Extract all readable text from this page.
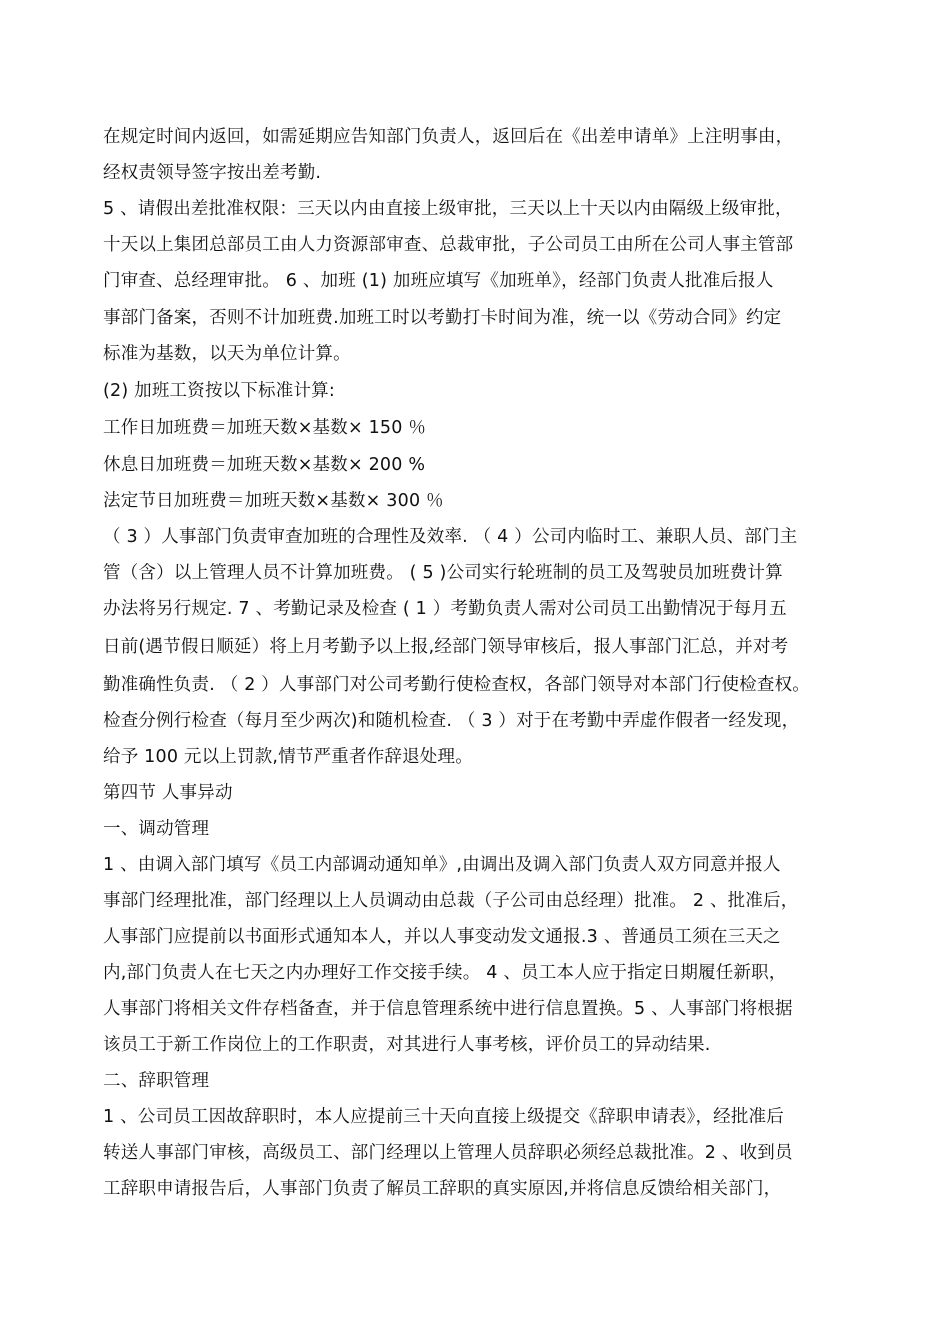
在规定时间内返回，如需延期应告知部门负责人，返回后在《出差申请单》上注明事由，
经权责领导签字按出差考勤.
5 、请假出差批准权限：三天以内由直接上级审批，三天以上十天以内由隔级上级审批，
十天以上集团总部员工由人力资源部审查、总裁审批，子公司员工由所在公司人事主管部
门审查、总经理审批。 6 、加班 (1) 加班应填写《加班单》，经部门负责人批准后报人
事部门备案，否则不计加班费.加班工时以考勤打卡时间为准，统一以《劳动合同》约定
标准为基数，以天为单位计算。
(2) 加班工资按以下标准计算:
工作日加班费＝加班天数×基数× 150 ％
休息日加班费＝加班天数×基数× 200 %
法定节日加班费＝加班天数×基数× 300 ％
（ 3 ）人事部门负责审查加班的合理性及效率. （ 4 ）公司内临时工、兼职人员、部门主
管（含）以上管理人员不计算加班费。 ( 5 )公司实行轮班制的员工及驾驶员加班费计算
办法将另行规定. 7 、考勤记录及检查 ( 1 ）考勤负责人需对公司员工出勤情况于每月五
日前(遇节假日顺延）将上月考勤予以上报,经部门领导审核后，报人事部门汇总，并对考
勤准确性负责. （ 2 ）人事部门对公司考勤行使检查权，各部门领导对本部门行使检查权。
检查分例行检查（每月至少两次)和随机检查. （ 3 ）对于在考勤中弄虚作假者一经发现，
给予 100 元以上罚款,情节严重者作辞退处理。
第四节 人事异动
一、调动管理
1 、由调入部门填写《员工内部调动通知单》,由调出及调入部门负责人双方同意并报人
事部门经理批准，部门经理以上人员调动由总裁（子公司由总经理）批准。 2 、批准后，
人事部门应提前以书面形式通知本人，并以人事变动发文通报.3 、普通员工须在三天之
内,部门负责人在七天之内办理好工作交接手续。 4 、员工本人应于指定日期履任新职，
人事部门将相关文件存档备查，并于信息管理系统中进行信息置换。5 、人事部门将根据
该员工于新工作岗位上的工作职责，对其进行人事考核，评价员工的异动结果.
二、辞职管理
1 、公司员工因故辞职时，本人应提前三十天向直接上级提交《辞职申请表》，经批准后
转送人事部门审核，高级员工、部门经理以上管理人员辞职必须经总裁批准。2 、收到员
工辞职申请报告后，人事部门负责了解员工辞职的真实原因,并将信息反馈给相关部门，
